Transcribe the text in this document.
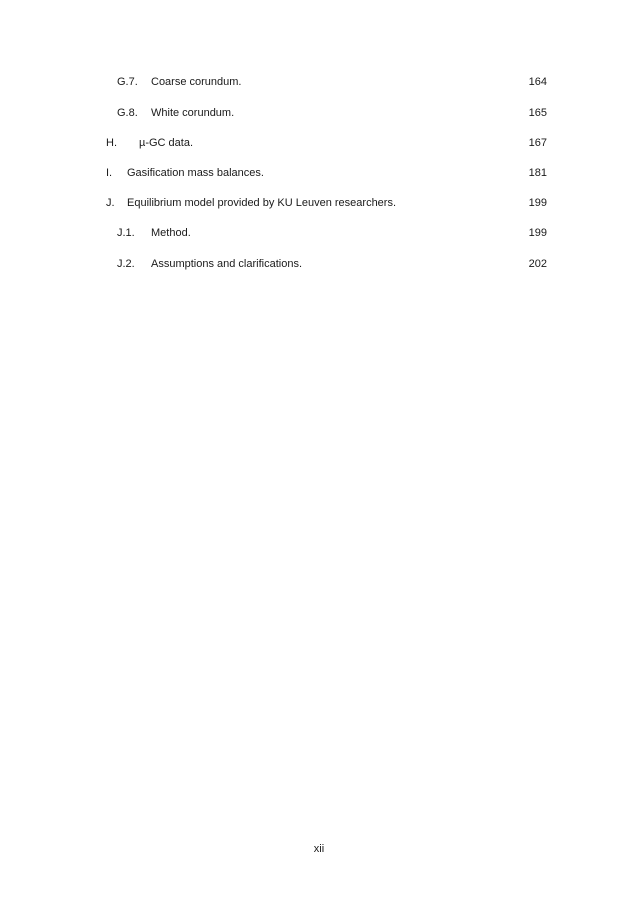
G.7. Coarse corundum.	164
G.8. White corundum.	165
H. µ-GC data.	167
I. Gasification mass balances.	181
J. Equilibrium model provided by KU Leuven researchers.	199
J.1. Method.	199
J.2. Assumptions and clarifications.	202
xii
